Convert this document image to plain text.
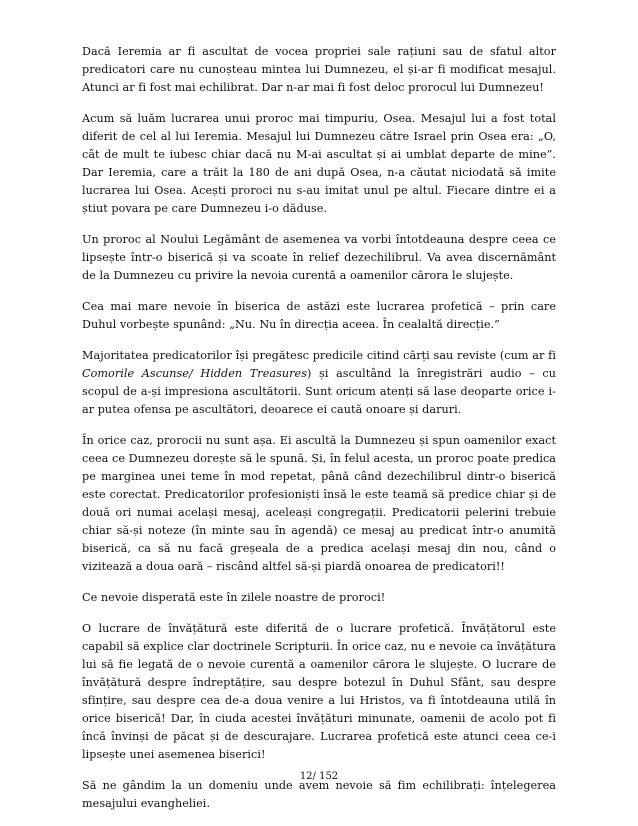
Dacă Ieremia ar fi ascultat de vocea propriei sale rațiuni sau de sfatul altor predicatori care nu cunoșteau mintea lui Dumnezeu, el și-ar fi modificat mesajul. Atunci ar fi fost mai echilibrat. Dar n-ar mai fi fost deloc prorocul lui Dumnezeu!

Acum să luăm lucrarea unui proroc mai timpuriu, Osea. Mesajul lui a fost total diferit de cel al lui Ieremia. Mesajul lui Dumnezeu către Israel prin Osea era: „O, cât de mult te iubesc chiar dacă nu M-ai ascultat și ai umblat departe de mine”. Dar Ieremia, care a trăit la 180 de ani după Osea, n-a căutat niciodată să imite lucrarea lui Osea. Acești proroci nu s-au imitat unul pe altul. Fiecare dintre ei a știut povara pe care Dumnezeu i-o dăduse.

Un proroc al Noului Legământ de asemenea va vorbi întotdeauna despre ceea ce lipsește într-o biserică și va scoate în relief dezechilibrul. Va avea discernământ de la Dumnezeu cu privire la nevoia curentă a oamenilor cărora le slujește.

Cea mai mare nevoie în biserica de astăzi este lucrarea profetică – prin care Duhul vorbește spunând: „Nu. Nu în direcția aceea. În cealaltă direcție.”

Majoritatea predicatorilor își pregătesc predicile citind cărți sau reviste (cum ar fi Comorile Ascunse/ Hidden Treasures) și ascultând la înregistrări audio – cu scopul de a-și impresiona ascultătorii. Sunt oricum atenți să lase deoparte orice i-ar putea ofensa pe ascultători, deoarece ei caută onoare și daruri.

În orice caz, prorocii nu sunt așa. Ei ascultă la Dumnezeu și spun oamenilor exact ceea ce Dumnezeu dorește să le spună. Și, în felul acesta, un proroc poate predica pe marginea unei teme în mod repetat, până când dezechilibrul dintr-o biserică este corectat. Predicatorilor profesioniști însă le este teamă să predice chiar și de două ori numai același mesaj, aceleași congregații. Predicatorii pelerini trebuie chiar să-și noteze (în minte sau în agendă) ce mesaj au predicat într-o anumită biserică, ca să nu facă greșeala de a predica același mesaj din nou, când o vizitează a doua oară – riscând altfel să-și piardă onoarea de predicatori!!

Ce nevoie disperată este în zilele noastre de proroci!

O lucrare de învățătură este diferită de o lucrare profetică. Învățătorul este capabil să explice clar doctrinele Scripturii. În orice caz, nu e nevoie ca învățătura lui să fie legată de o nevoie curentă a oamenilor cărora le slujește. O lucrare de învățătură despre îndreptățire, sau despre botezul în Duhul Sfânt, sau despre sfințire, sau despre cea de-a doua venire a lui Hristos, va fi întotdeauna utilă în orice biserică! Dar, în ciuda acestei învățături minunate, oamenii de acolo pot fi încă învinși de păcat și de descurajare. Lucrarea profetică este atunci ceea ce-i lipsește unei asemenea biserici!

Să ne gândim la un domeniu unde avem nevoie să fim echilibrați: înțelegerea mesajului evangheliei.

12/ 152
